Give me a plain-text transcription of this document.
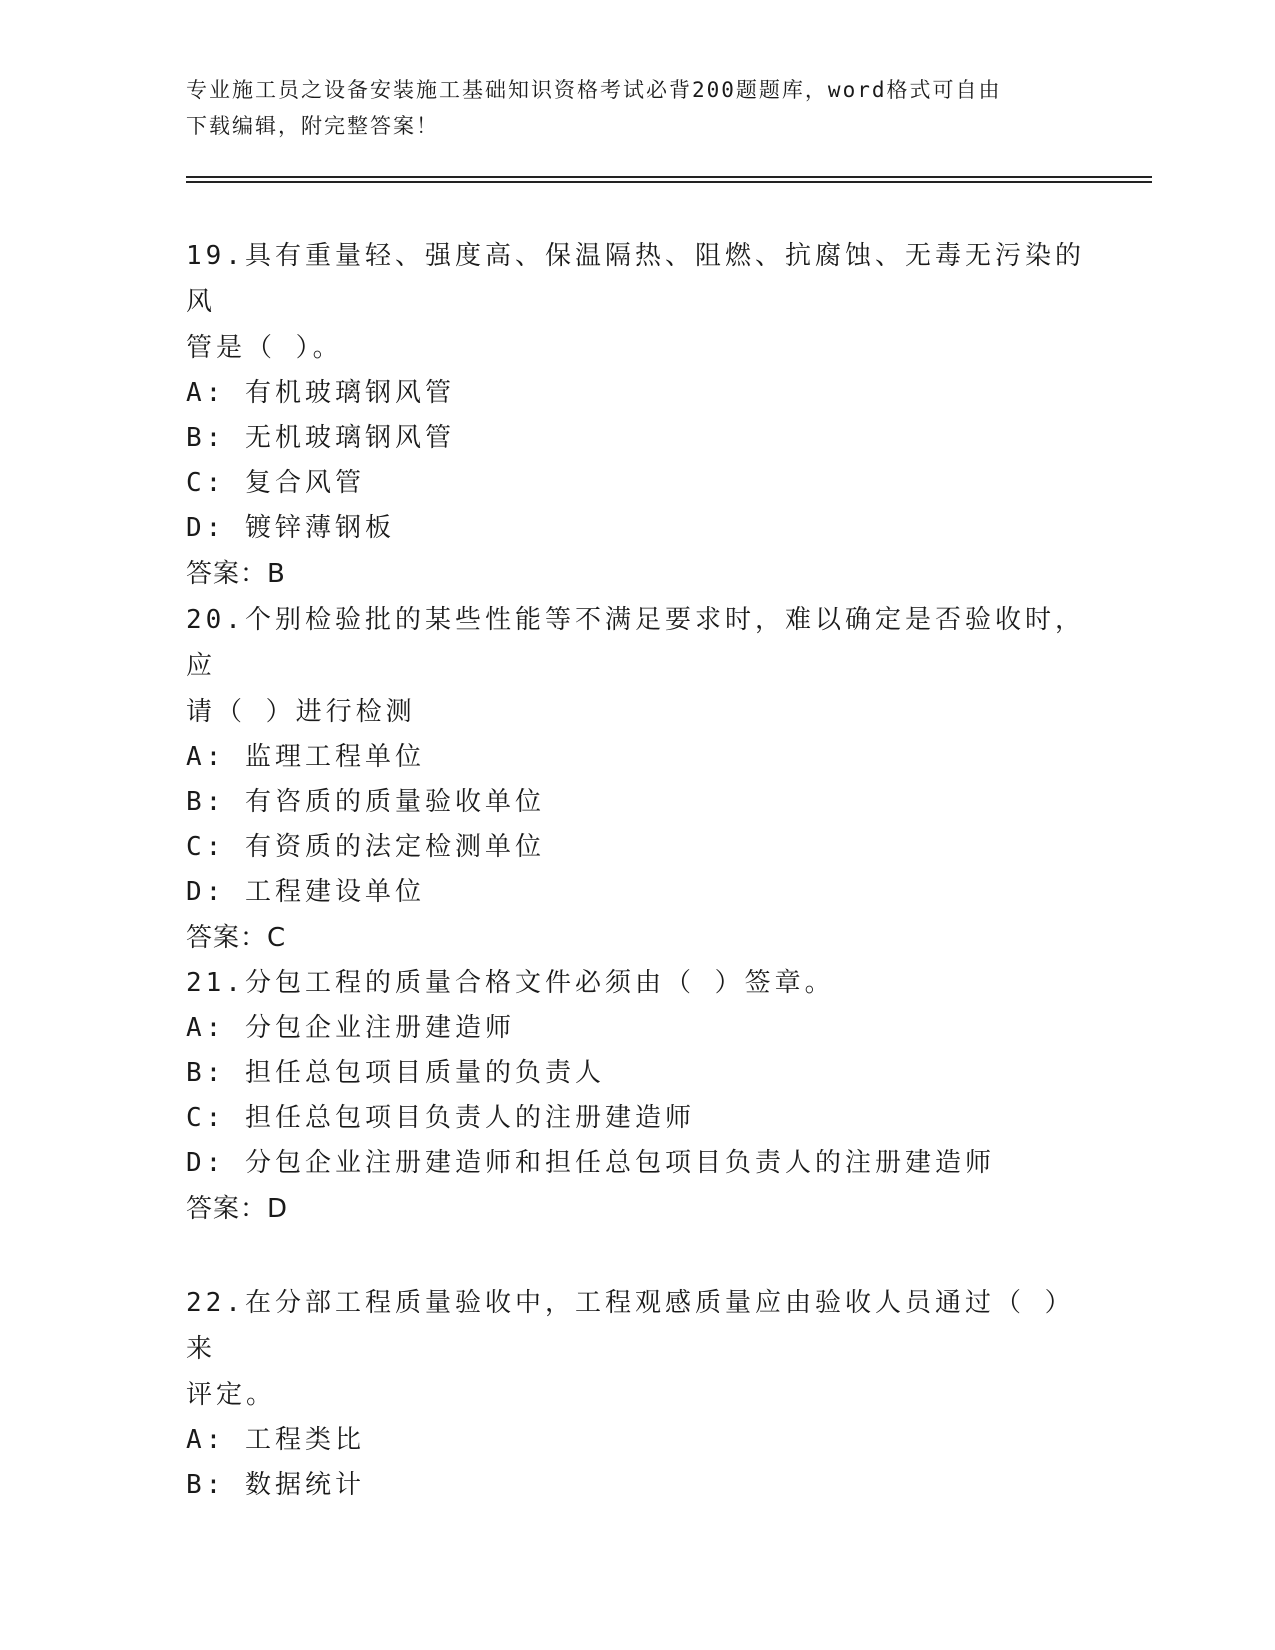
专业施工员之设备安装施工基础知识资格考试必背200题题库，word格式可自由
下载编辑，附完整答案！
19.具有重量轻、强度高、保温隔热、阻燃、抗腐蚀、无毒无污染的风
管是（ ）。
A: 有机玻璃钢风管
B: 无机玻璃钢风管
C: 复合风管
D: 镀锌薄钢板
答案：B
20.个别检验批的某些性能等不满足要求时，难以确定是否验收时，应
请（ ）进行检测
A: 监理工程单位
B: 有咨质的质量验收单位
C: 有资质的法定检测单位
D: 工程建设单位
答案：C
21.分包工程的质量合格文件必须由（ ）签章。
A: 分包企业注册建造师
B: 担任总包项目质量的负责人
C: 担任总包项目负责人的注册建造师
D: 分包企业注册建造师和担任总包项目负责人的注册建造师
答案：D
22.在分部工程质量验收中，工程观感质量应由验收人员通过（ ）来
评定。
A: 工程类比
B: 数据统计
